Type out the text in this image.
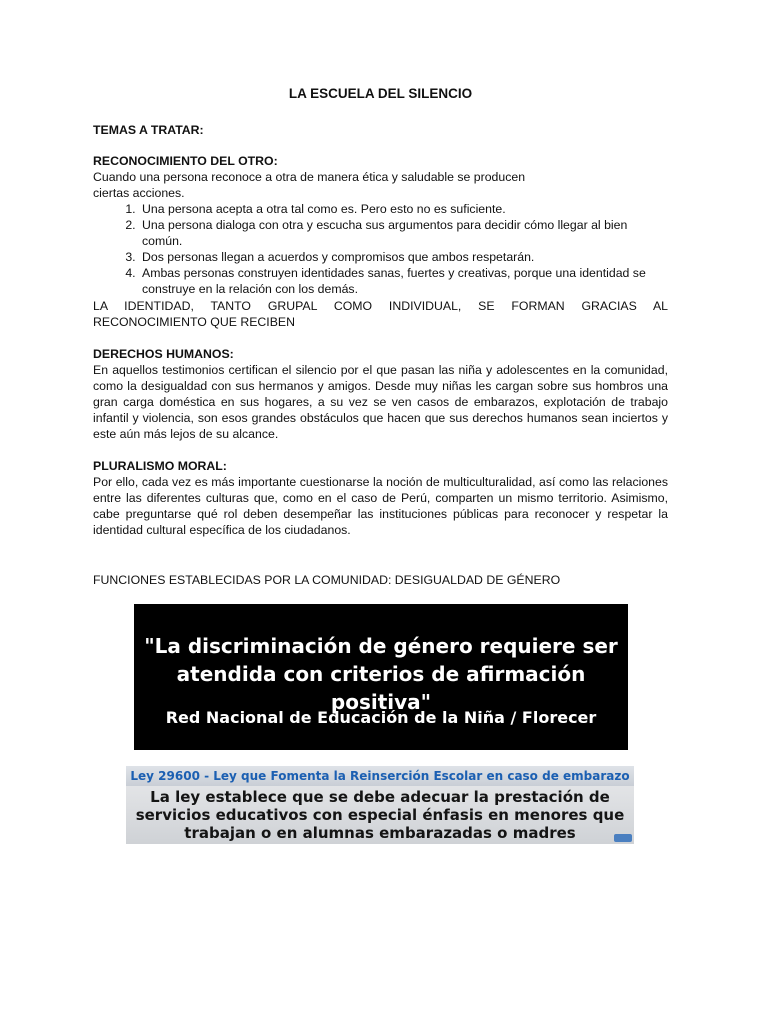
LA ESCUELA DEL SILENCIO

TEMAS A TRATAR:

RECONOCIMIENTO DEL OTRO:

Cuando una persona reconoce a otra de manera ética y saludable se producen

ciertas acciones.

1. Una persona acepta a otra tal como es. Pero esto no es suficiente.
2. Una persona dialoga con otra y escucha sus argumentos para decidir cómo llegar al bien común.
3. Dos personas llegan a acuerdos y compromisos que ambos respetarán.
4. Ambas personas construyen identidades sanas, fuertes y creativas, porque una identidad se construye en la relación con los demás.

LA IDENTIDAD, TANTO GRUPAL COMO INDIVIDUAL, SE FORMAN GRACIAS AL

RECONOCIMIENTO QUE RECIBEN

DERECHOS HUMANOS:

En aquellos testimonios certifican el silencio por el que pasan las niña y adolescentes en la comunidad, como la desigualdad con sus hermanos y amigos. Desde muy niñas les cargan sobre sus hombros una gran carga doméstica en sus hogares, a su vez se ven casos de embarazos, explotación de trabajo infantil y violencia, son esos grandes obstáculos que hacen que sus derechos humanos sean inciertos y este aún más lejos de su alcance.

PLURALISMO MORAL:

Por ello, cada vez es más importante cuestionarse la noción de multiculturalidad, así como las relaciones entre las diferentes culturas que, como en el caso de Perú, comparten un mismo territorio. Asimismo, cabe preguntarse qué rol deben desempeñar las instituciones públicas para reconocer y respetar la identidad cultural específica de los ciudadanos.

FUNCIONES ESTABLECIDAS POR LA COMUNIDAD: DESIGUALDAD DE GÉNERO

"La discriminación de género requiere ser
atendida con criterios de afirmación positiva"

Red Nacional de Educación de la Niña / Florecer

Ley 29600 - Ley que Fomenta la Reinserción Escolar en caso de embarazo

La ley establece que se debe adecuar la prestación de
servicios educativos con especial énfasis en menores que
trabajan o en alumnas embarazadas o madres
